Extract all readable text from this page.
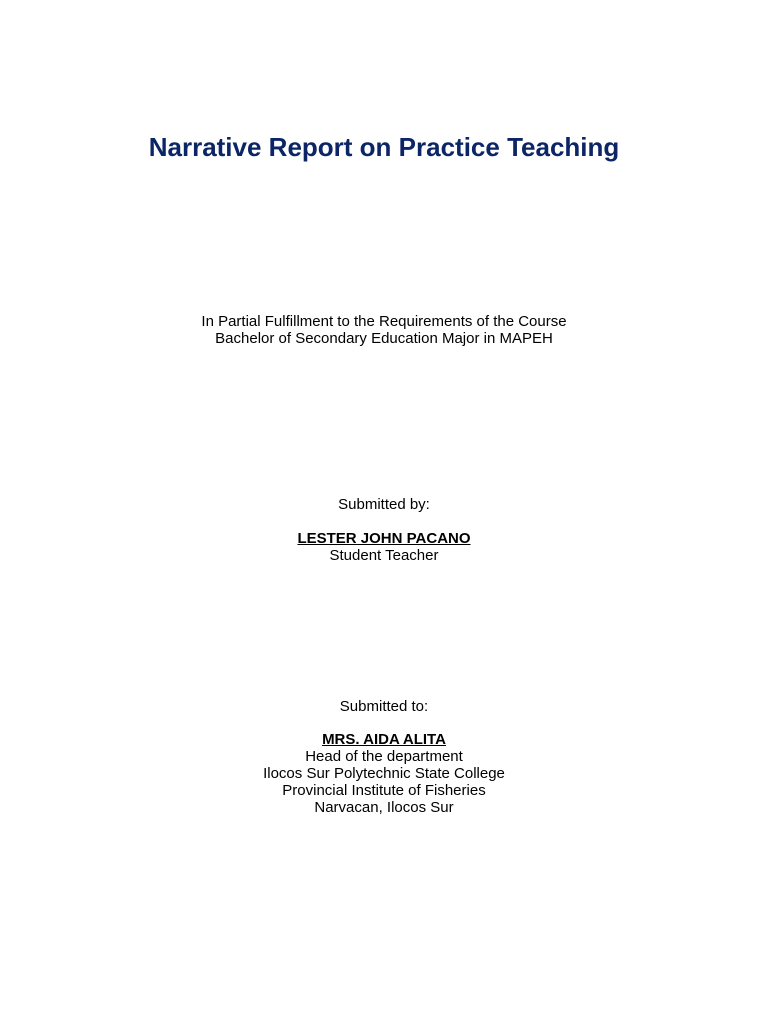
Narrative Report on Practice Teaching
In Partial Fulfillment to the Requirements of the Course
Bachelor of Secondary Education Major in MAPEH
Submitted by:
LESTER JOHN PACANO
Student Teacher
Submitted to:
MRS. AIDA ALITA
Head of the department
Ilocos Sur Polytechnic State College
Provincial Institute of Fisheries
Narvacan, Ilocos Sur
